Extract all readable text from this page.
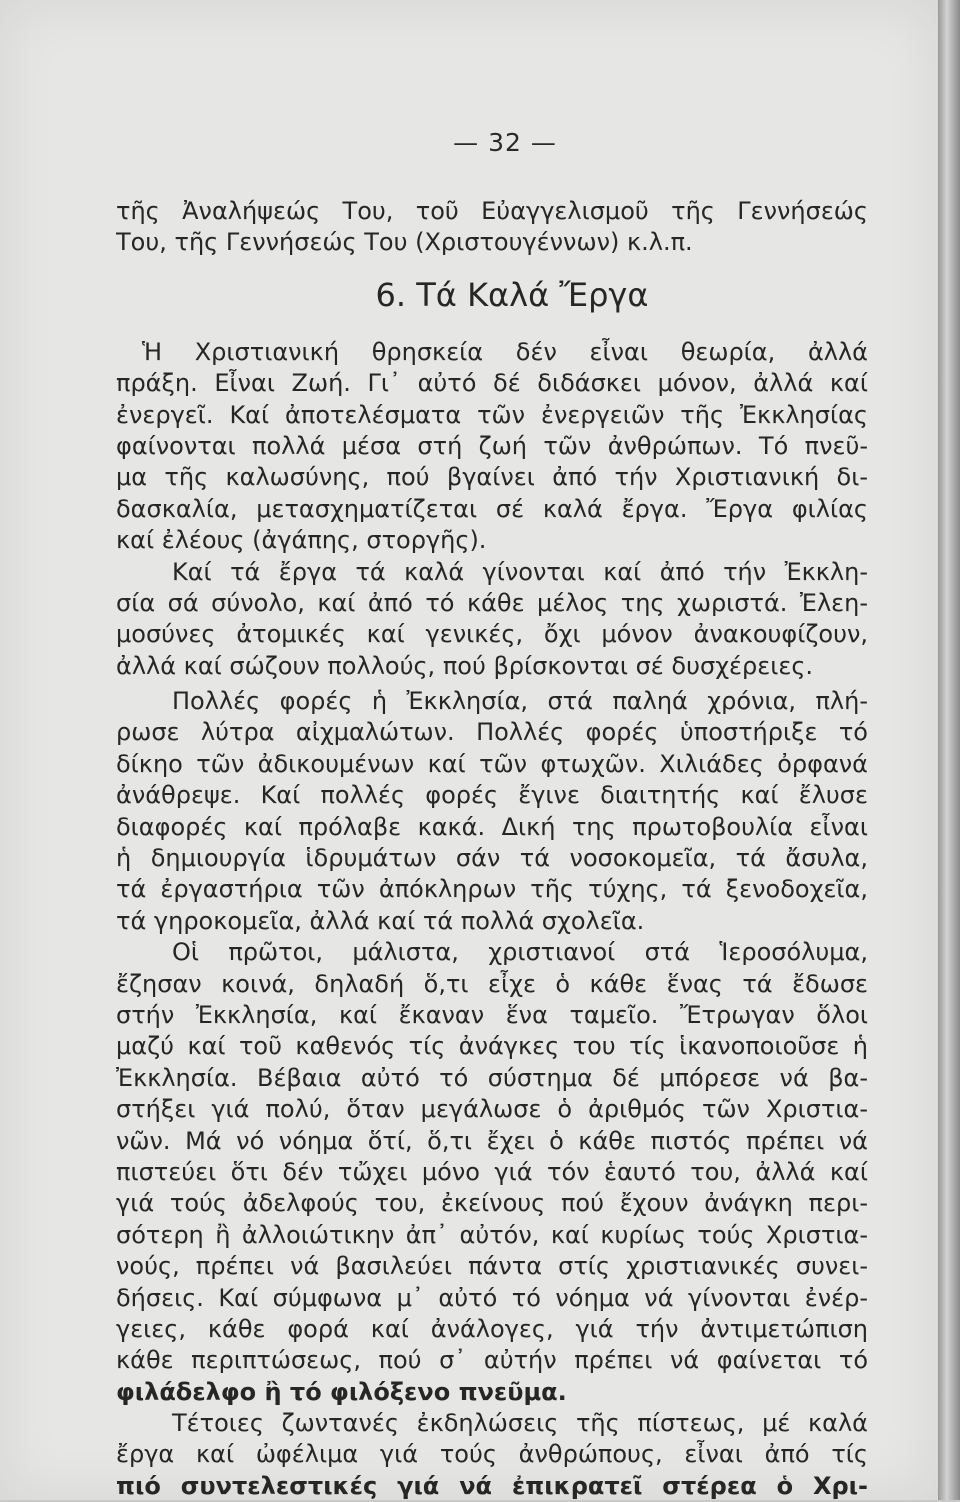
— 32 —
τῆς Ἀναλήψεώς Του, τοῦ Εὐαγγελισμοῦ τῆς Γεννήσεώς
Του, τῆς Γεννήσεώς Του (Χριστουγέννων) κ.λ.π.
6. Τά Καλά Ἔργα
Ἡ Χριστιανική θρησκεία δέν εἶναι θεωρία, ἀλλά
πράξη. Εἶναι Ζωή. Γι᾿ αὐτό δέ διδάσκει μόνον, ἀλλά καί
ἐνεργεῖ. Καί ἀποτελέσματα τῶν ἐνεργειῶν τῆς Ἐκκλησίας
φαίνονται πολλά μέσα στή ζωή τῶν ἀνθρώπων. Τό πνεῦ-
μα τῆς καλωσύνης, πού βγαίνει ἀπό τήν Χριστιανική δι-
δασκαλία, μετασχηματίζεται σέ καλά ἔργα. Ἔργα φιλίας
καί ἐλέους (ἀγάπης, στοργῆς).
Καί τά ἔργα τά καλά γίνονται καί ἀπό τήν Ἐκκλη-
σία σά σύνολο, καί ἀπό τό κάθε μέλος της χωριστά. Ἐλεη-
μοσύνες ἀτομικές καί γενικές, ὄχι μόνον ἀνακουφίζουν,
ἀλλά καί σώζουν πολλούς, πού βρίσκονται σέ δυσχέρειες.
Πολλές φορές ἡ Ἐκκλησία, στά παληά χρόνια, πλή-
ρωσε λύτρα αἰχμαλώτων. Πολλές φορές ὑποστήριξε τό
δίκηο τῶν ἀδικουμένων καί τῶν φτωχῶν. Χιλιάδες ὀρφανά
ἀνάθρεψε. Καί πολλές φορές ἔγινε διαιτητής καί ἔλυσε
διαφορές καί πρόλαβε κακά. Δική της πρωτοβουλία εἶναι
ἡ δημιουργία ἱδρυμάτων σάν τά νοσοκομεῖα, τά ἄσυλα,
τά ἐργαστήρια τῶν ἀπόκληρων τῆς τύχης, τά ξενοδοχεῖα,
τά γηροκομεῖα, ἀλλά καί τά πολλά σχολεῖα.
Οἱ πρῶτοι, μάλιστα, χριστιανοί στά Ἱεροσόλυμα,
ἔζησαν κοινά, δηλαδή ὅ,τι εἶχε ὁ κάθε ἕνας τά ἔδωσε
στήν Ἐκκλησία, καί ἔκαναν ἕνα ταμεῖο. Ἔτρωγαν ὅλοι
μαζύ καί τοῦ καθενός τίς ἀνάγκες του τίς ἱκανοποιοῦσε ἡ
Ἐκκλησία. Βέβαια αὐτό τό σύστημα δέ μπόρεσε νά βα-
στήξει γιά πολύ, ὅταν μεγάλωσε ὁ ἀριθμός τῶν Χριστια-
νῶν. Μά νό νόημα ὅτί, ὅ,τι ἔχει ὁ κάθε πιστός πρέπει νά
πιστεύει ὅτι δέν τὤχει μόνο γιά τόν ἑαυτό του, ἀλλά καί
γιά τούς ἀδελφούς του, ἐκείνους πού ἔχουν ἀνάγκη περι-
σότερη ἢ ἀλλοιώτικην ἀπ᾿ αὐτόν, καί κυρίως τούς Χριστια-
νούς, πρέπει νά βασιλεύει πάντα στίς χριστιανικές συνει-
δήσεις. Καί σύμφωνα μ᾿ αὐτό τό νόημα νά γίνονται ἐνέρ-
γειες, κάθε φορά καί ἀνάλογες, γιά τήν ἀντιμετώπιση
κάθε περιπτώσεως, πού σ᾿ αὐτήν πρέπει νά φαίνεται τό
φιλάδελφο ἢ τό φιλόξενο πνεῦμα.
Τέτοιες ζωντανές ἐκδηλώσεις τῆς πίστεως, μέ καλά
ἔργα καί ὠφέλιμα γιά τούς ἀνθρώπους, εἶναι ἀπό τίς
πιό συντελεστικές γιά νά ἐπικρατεῖ στέρεα ὁ Χρι-
